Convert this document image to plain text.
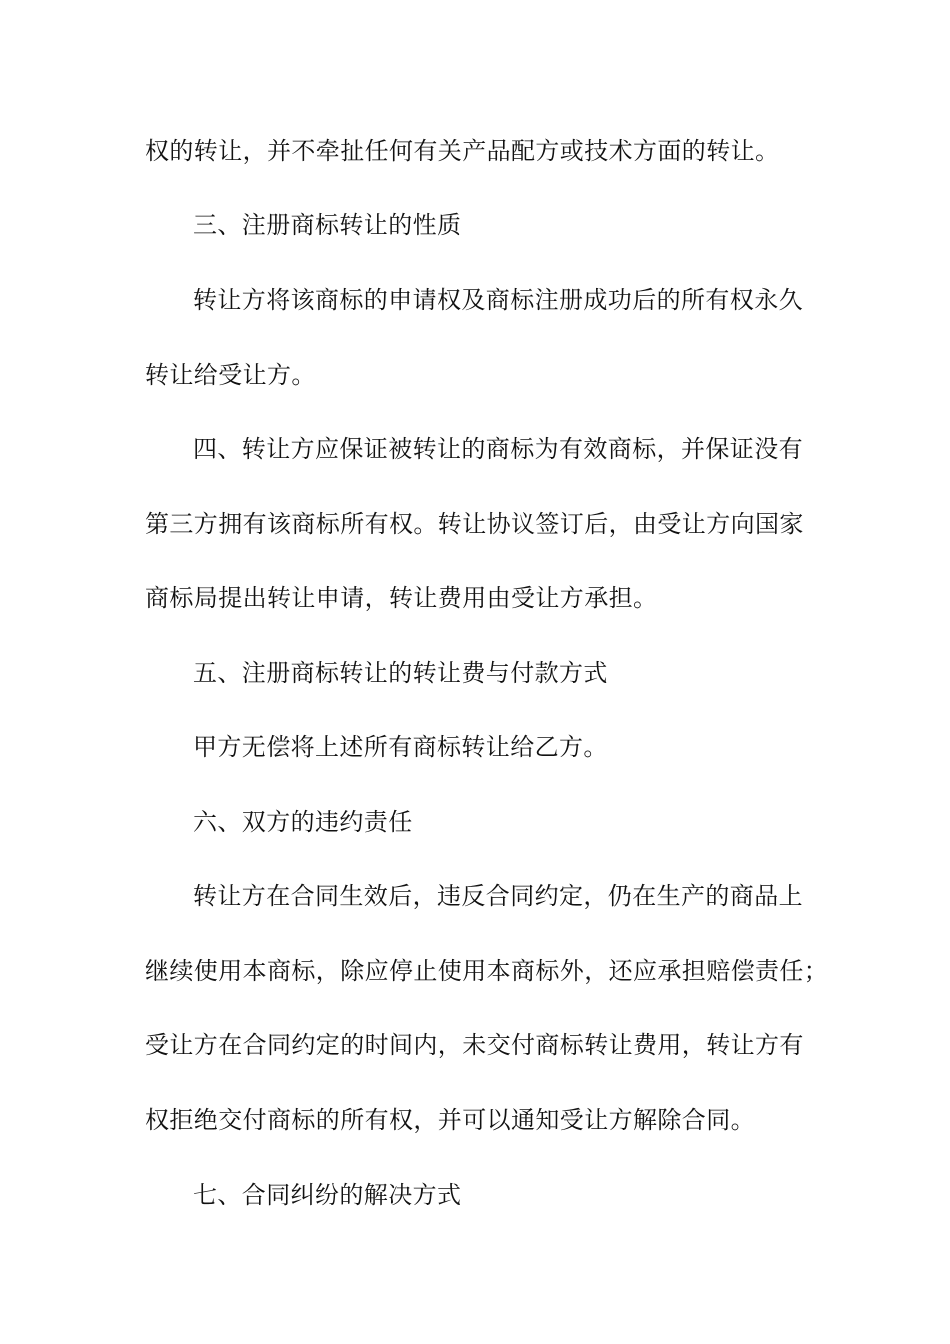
权的转让，并不牵扯任何有关产品配方或技术方面的转让。
三、注册商标转让的性质
转让方将该商标的申请权及商标注册成功后的所有权永久
转让给受让方。
四、转让方应保证被转让的商标为有效商标，并保证没有
第三方拥有该商标所有权。转让协议签订后，由受让方向国家
商标局提出转让申请，转让费用由受让方承担。
五、注册商标转让的转让费与付款方式
甲方无偿将上述所有商标转让给乙方。
六、双方的违约责任
转让方在合同生效后，违反合同约定，仍在生产的商品上
继续使用本商标，除应停止使用本商标外，还应承担赔偿责任；
受让方在合同约定的时间内，未交付商标转让费用，转让方有
权拒绝交付商标的所有权，并可以通知受让方解除合同。
七、合同纠纷的解决方式
